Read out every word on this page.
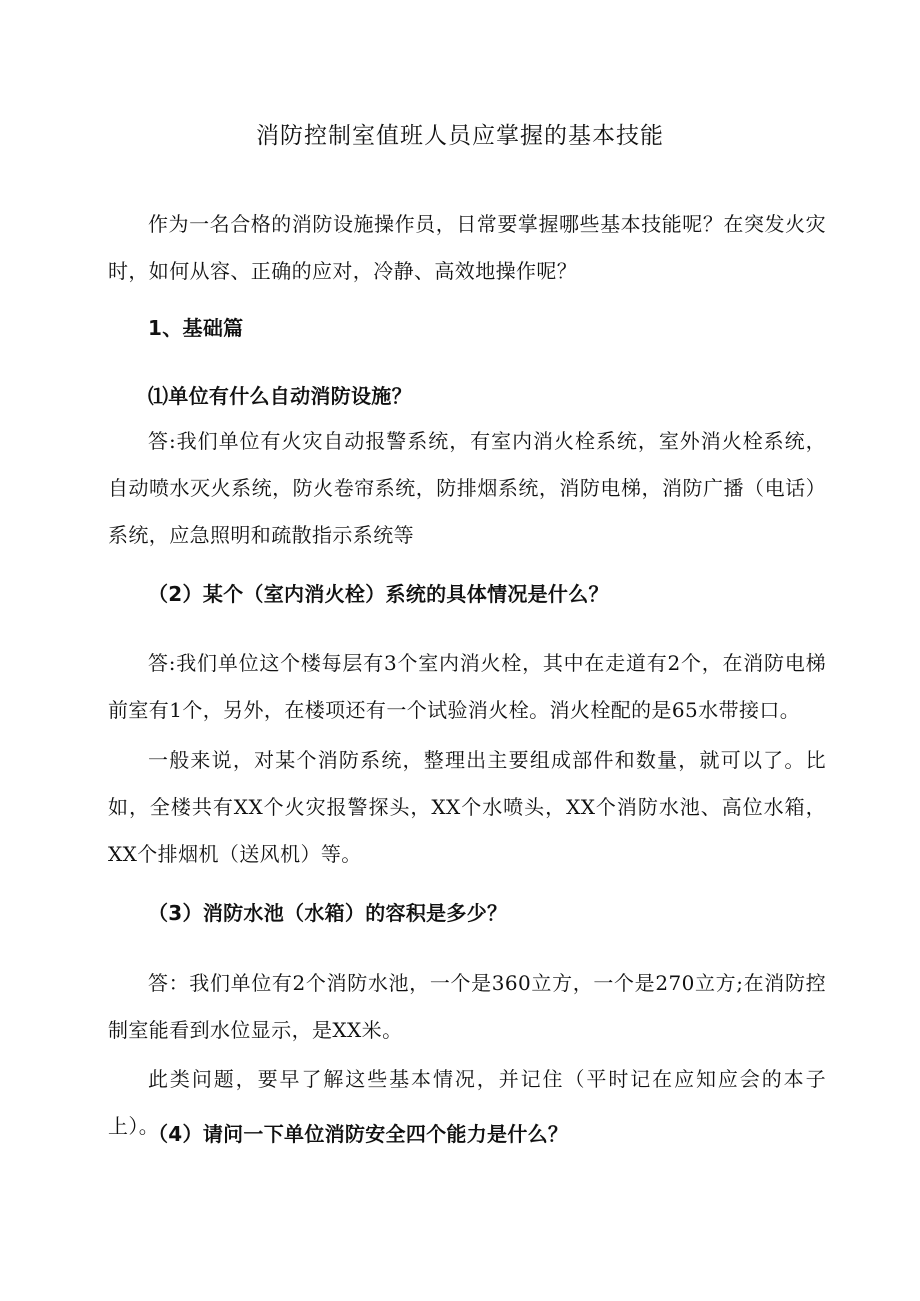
消防控制室值班人员应掌握的基本技能

作为一名合格的消防设施操作员，日常要掌握哪些基本技能呢？在突发火灾时，如何从容、正确的应对，冷静、高效地操作呢？

1、基础篇

⑴单位有什么自动消防设施？

答:我们单位有火灾自动报警系统，有室内消火栓系统，室外消火栓系统，自动喷水灭火系统，防火卷帘系统，防排烟系统，消防电梯，消防广播（电话）系统，应急照明和疏散指示系统等

（2）某个（室内消火栓）系统的具体情况是什么？

答:我们单位这个楼每层有3个室内消火栓，其中在走道有2个，在消防电梯前室有1个，另外，在楼项还有一个试验消火栓。消火栓配的是65水带接口。

一般来说，对某个消防系统，整理出主要组成部件和数量，就可以了。比如，全楼共有XX个火灾报警探头，XX个水喷头，XX个消防水池、高位水箱，XX个排烟机（送风机）等。

（3）消防水池（水箱）的容积是多少？

答：我们单位有2个消防水池，一个是360立方，一个是270立方;在消防控制室能看到水位显示，是XX米。

此类问题，要早了解这些基本情况，并记住（平时记在应知应会的本子上）。

（4）请问一下单位消防安全四个能力是什么？
